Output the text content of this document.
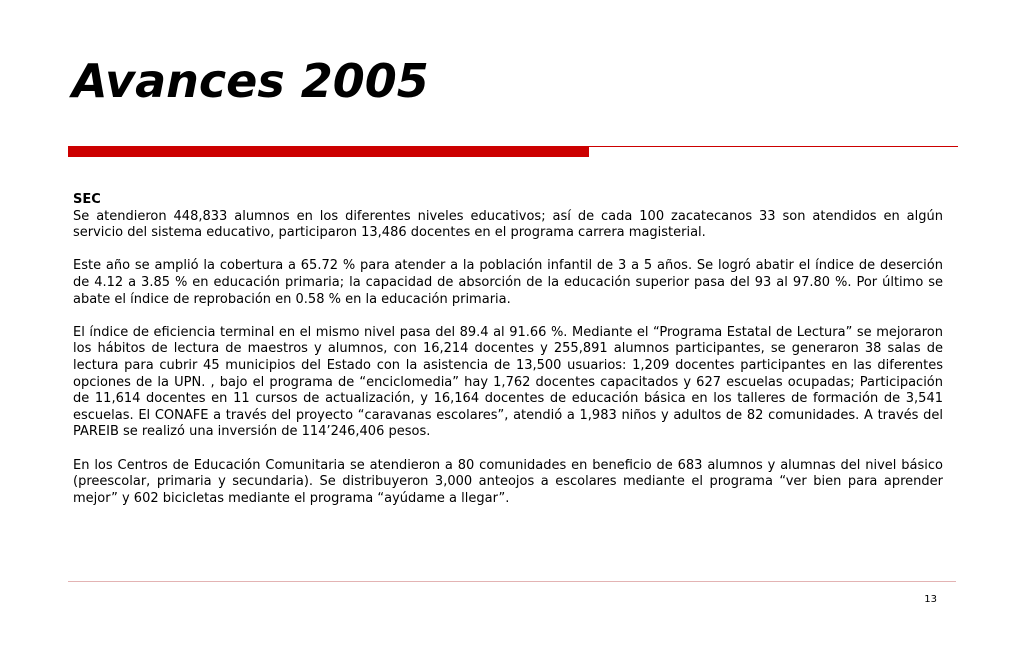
Avances 2005
SEC

Se atendieron 448,833 alumnos en los diferentes niveles educativos; así de cada 100 zacatecanos 33 son atendidos en algún servicio del sistema educativo, participaron 13,486 docentes en el programa carrera magisterial.

Este año se amplió la cobertura a 65.72 % para atender a la población infantil de 3 a 5 años. Se logró abatir el índice de deserción de 4.12 a 3.85 % en educación primaria; la capacidad de absorción de la educación superior pasa del 93 al 97.80 %. Por último se abate el índice de reprobación en 0.58 % en la educación primaria.

El índice de eficiencia terminal en el mismo nivel pasa del 89.4 al 91.66 %. Mediante el “Programa Estatal de Lectura” se mejoraron los hábitos de lectura de maestros y alumnos, con 16,214 docentes y 255,891 alumnos participantes, se generaron 38 salas de lectura para cubrir 45 municipios del Estado con la asistencia de 13,500 usuarios: 1,209 docentes participantes en las diferentes opciones de la UPN. , bajo el programa de “enciclomedia” hay 1,762 docentes capacitados y 627 escuelas ocupadas; Participación de 11,614 docentes en 11 cursos de actualización, y 16,164 docentes de educación básica en los talleres de formación de 3,541 escuelas. El CONAFE a través del proyecto “caravanas escolares”, atendió a 1,983 niños y adultos de 82 comunidades. A través del PAREIB se realizó una inversión de 114’246,406 pesos.

En los Centros de Educación Comunitaria se atendieron a 80 comunidades en beneficio de 683 alumnos y alumnas del nivel básico (preescolar, primaria y secundaria). Se distribuyeron 3,000 anteojos a escolares mediante el programa “ver bien para aprender mejor” y 602 bicicletas mediante el programa “ayúdame a llegar”.

13
